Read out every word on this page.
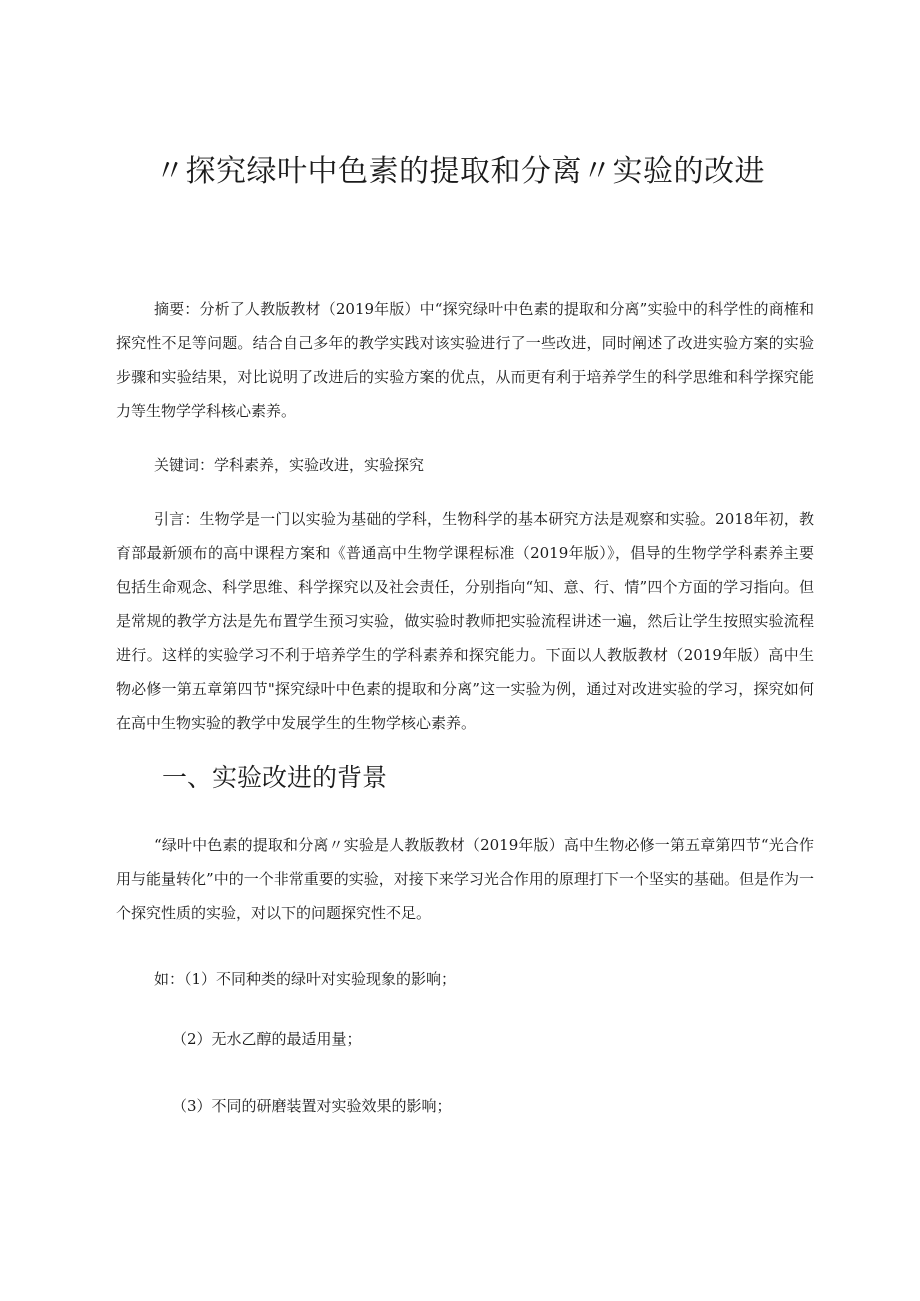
〃探究绿叶中色素的提取和分离〃实验的改进

摘要：分析了人教版教材（2019年版）中“探究绿叶中色素的提取和分离”实验中的科学性的商榷和探究性不足等问题。结合自己多年的教学实践对该实验进行了一些改进，同时阐述了改进实验方案的实验步骤和实验结果，对比说明了改进后的实验方案的优点，从而更有利于培养学生的科学思维和科学探究能力等生物学学科核心素养。

关键词：学科素养，实验改进，实验探究

引言：生物学是一门以实验为基础的学科，生物科学的基本研究方法是观察和实验。2018年初，教育部最新颁布的高中课程方案和《普通高中生物学课程标准（2019年版）》，倡导的生物学学科素养主要包括生命观念、科学思维、科学探究以及社会责任，分别指向“知、意、行、情”四个方面的学习指向。但是常规的教学方法是先布置学生预习实验，做实验时教师把实验流程讲述一遍，然后让学生按照实验流程进行。这样的实验学习不利于培养学生的学科素养和探究能力。下面以人教版教材（2019年版）高中生物必修一第五章第四节"探究绿叶中色素的提取和分离”这一实验为例，通过对改进实验的学习，探究如何在高中生物实验的教学中发展学生的生物学核心素养。

一、实验改进的背景

“绿叶中色素的提取和分离〃实验是人教版教材（2019年版）高中生物必修一第五章第四节“光合作用与能量转化”中的一个非常重要的实验，对接下来学习光合作用的原理打下一个坚实的基础。但是作为一个探究性质的实验，对以下的问题探究性不足。

如：（1）不同种类的绿叶对实验现象的影响；

（2）无水乙醇的最适用量；

（3）不同的研磨装置对实验效果的影响；
